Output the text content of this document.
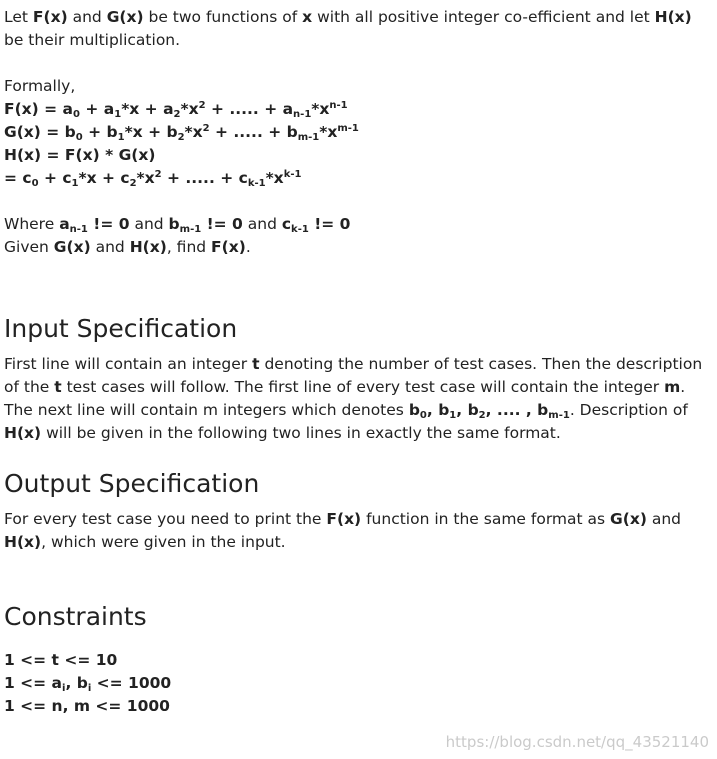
Let F(x) and G(x) be two functions of x with all positive integer co-efficient and let H(x) be their multiplication.

Formally,

$F(x) = a_0 + a_1*x + a_2*x^2$ + ..... + $a_{n-1}*x^{n-1}$

$G(x) = b_0 + b_1*x + b_2*x^2$ + ..... + $b_{m-1}*x^{m-1}$

H(x) = F(x) * G(x)

= $c_0 + c_1*x + c_2*x^2$ + ..... + $c_{k-1}*x^{k-1}$

Where $a_{n-1}$ != 0 and $b_{m-1}$ != 0 and $c_{k-1}$ != 0

Given G(x) and H(x), find F(x).

Input Specification

First line will contain an integer t denoting the number of test cases. Then the description of the t test cases will follow. The first line of every test case will contain the integer m. The next line will contain m integers which denotes $b_0$, $b_1$, $b_2$, .... , $b_{m-1}$. Description of H(x) will be given in the following two lines in exactly the same format.

Output Specification

For every test case you need to print the F(x) function in the same format as G(x) and H(x), which were given in the input.

Constraints

1 <= t <= 10

$1 <= a_i$, $b_i <= 1000$

1 <= n, m <= 1000

https://blog.csdn.net/qq_43521140
